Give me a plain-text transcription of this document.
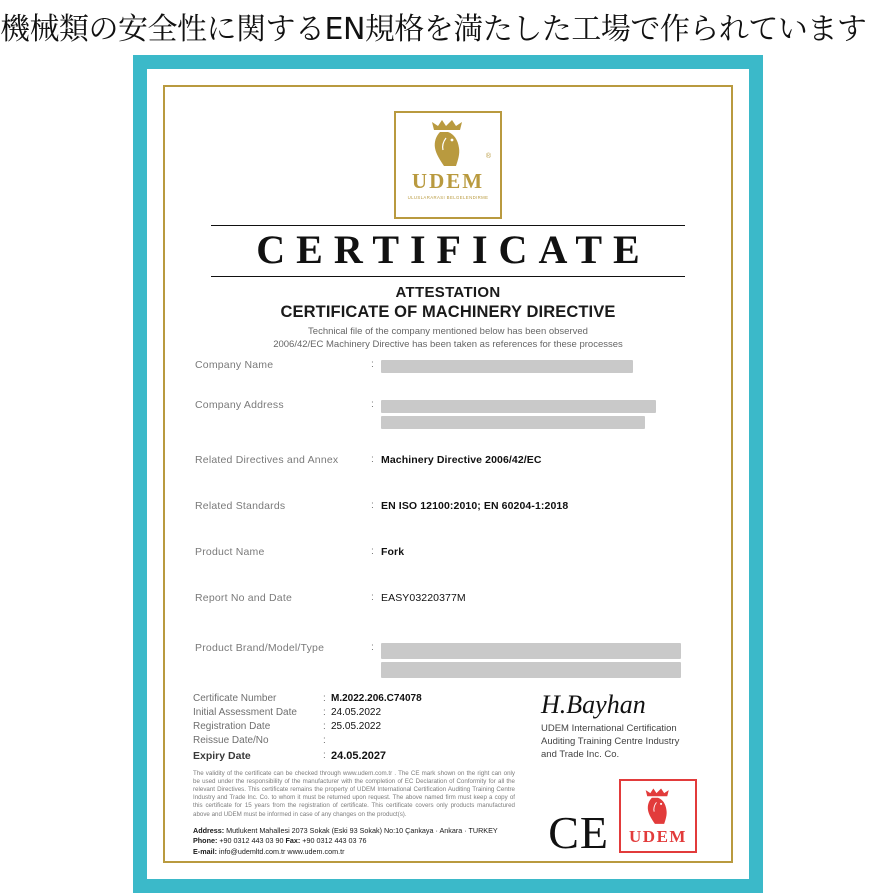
機械類の安全性に関するEN規格を満たした工場で作られています
UDEM
ULUSLARARASI BELGELENDIRME
®
CERTIFICATE
ATTESTATION
CERTIFICATE OF MACHINERY DIRECTIVE
Technical file of the company mentioned below has been observed
2006/42/EC Machinery Directive has been taken as references for these processes
Company Name	:
Company Address	:
Related Directives and Annex	: Machinery Directive 2006/42/EC
Related Standards	: EN ISO 12100:2010; EN 60204-1:2018
Product Name	: Fork
Report No and Date	: EASY03220377M
Product Brand/Model/Type	:
Certificate Number	: M.2022.206.C74078
Initial Assessment Date	: 24.05.2022
Registration Date	: 25.05.2022
Reissue Date/No	:
Expiry Date	: 24.05.2027
H.Bayhan
UDEM International Certification
Auditing Training Centre Industry
and Trade Inc. Co.
The validity of the certificate can be checked through www.udem.com.tr . The CE mark shown on the right can only be used under the responsibility of the manufacturer with the completion of EC Declaration of Conformity for all the relevant Directives. This certificate remains the property of UDEM International Certification Auditing Training Centre Industry and Trade Inc. Co. to whom it must be returned upon request. The above named firm must keep a copy of this certificate for 15 years from the registration of certificate. This certificate covers only products manufactured above and UDEM must be informed in case of any changes on the product(s).
Address: Mutlukent Mahallesi 2073 Sokak (Eski 93 Sokak) No:10 Çankaya · Ankara · TURKEY
Phone: +90 0312 443 03 90 Fax: +90 0312 443 03 76
E-mail: info@udemltd.com.tr www.udem.com.tr	CE UDEM
